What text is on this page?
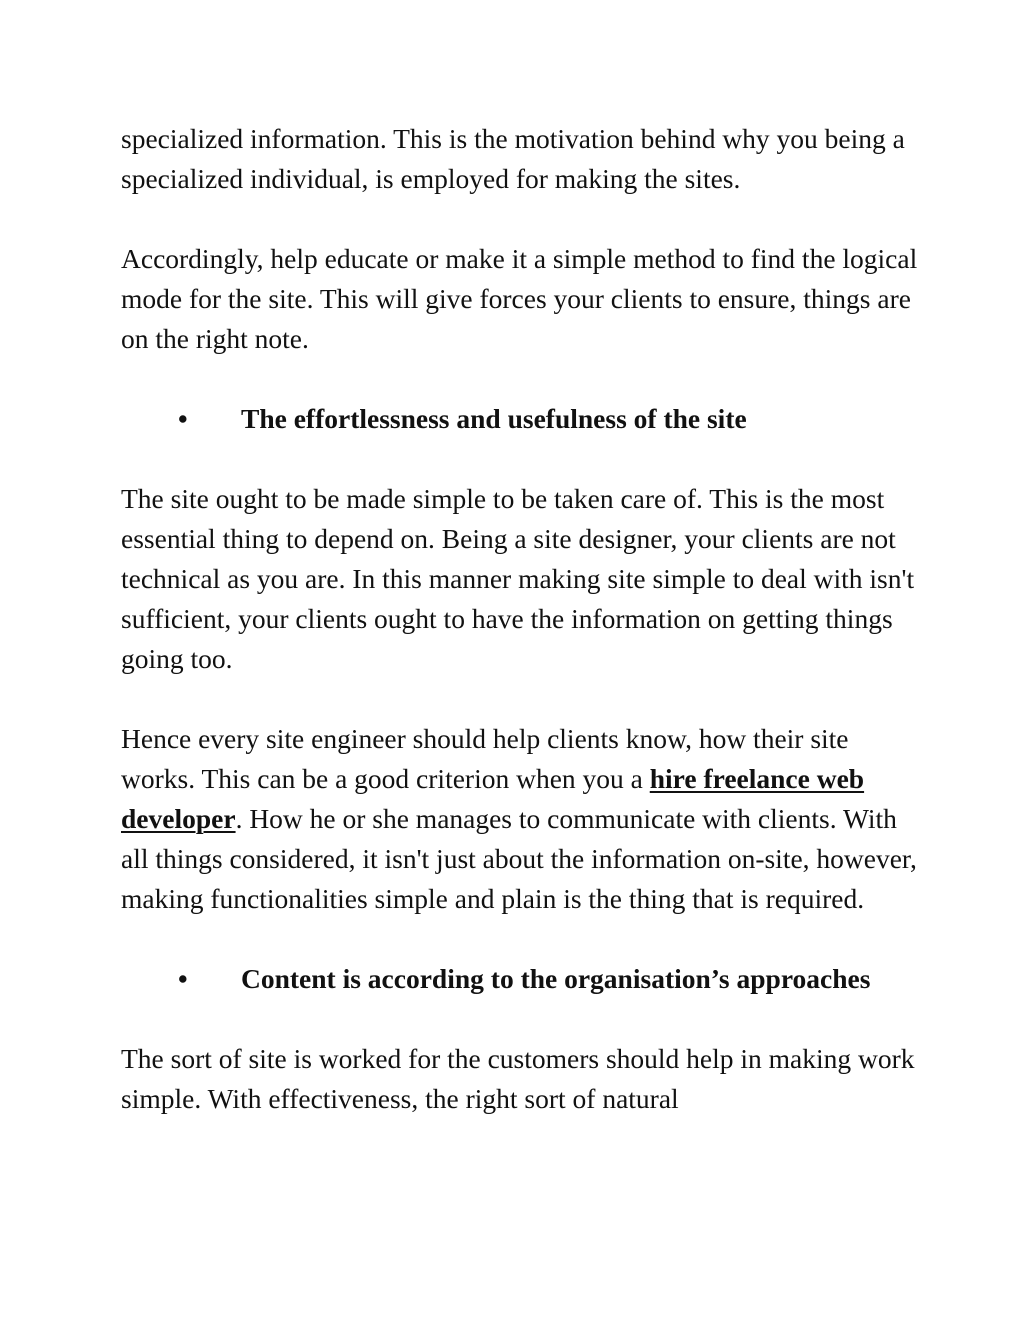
specialized information. This is the motivation behind why you being a specialized individual, is employed for making the sites.

Accordingly, help educate or make it a simple method to find the logical mode for the site. This will give forces your clients to ensure, things are on the right note.

• The effortlessness and usefulness of the site

The site ought to be made simple to be taken care of. This is the most essential thing to depend on. Being a site designer, your clients are not technical as you are. In this manner making site simple to deal with isn't sufficient, your clients ought to have the information on getting things going too.

Hence every site engineer should help clients know, how their site works. This can be a good criterion when you a hire freelance web developer. How he or she manages to communicate with clients. With all things considered, it isn't just about the information on-site, however, making functionalities simple and plain is the thing that is required.

• Content is according to the organisation’s approaches

The sort of site is worked for the customers should help in making work simple. With effectiveness, the right sort of natural
